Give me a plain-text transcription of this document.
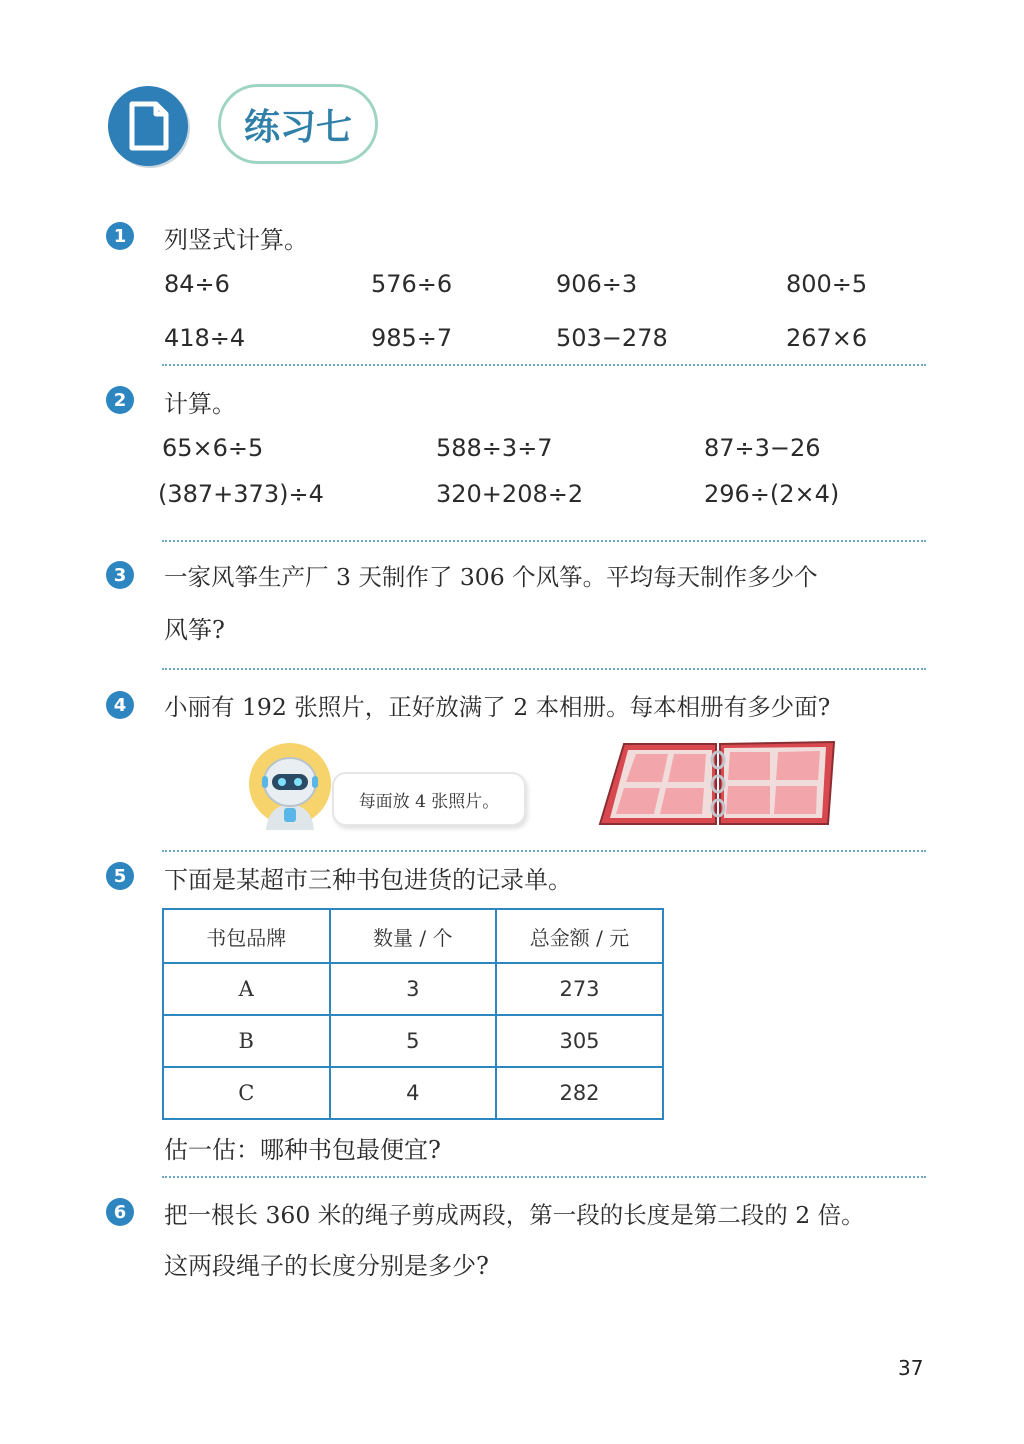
练习七
1	列竖式计算。
84÷6	576÷6	906÷3	800÷5
418÷4	985÷7	503−278	267×6
2	计算。
65×6÷5	588÷3÷7	87÷3−26
(387+373)÷4	320+208÷2	296÷(2×4)
3	一家风筝生产厂 3 天制作了 306 个风筝。平均每天制作多少个
风筝?
4	小丽有 192 张照片，正好放满了 2 本相册。每本相册有多少面?
每面放 4 张照片。
5	下面是某超市三种书包进货的记录单。
书包品牌	数量 / 个	总金额 / 元
A	3	273
B	5	305
C	4	282
估一估：哪种书包最便宜?
6	把一根长 360 米的绳子剪成两段，第一段的长度是第二段的 2 倍。
这两段绳子的长度分别是多少?
37
